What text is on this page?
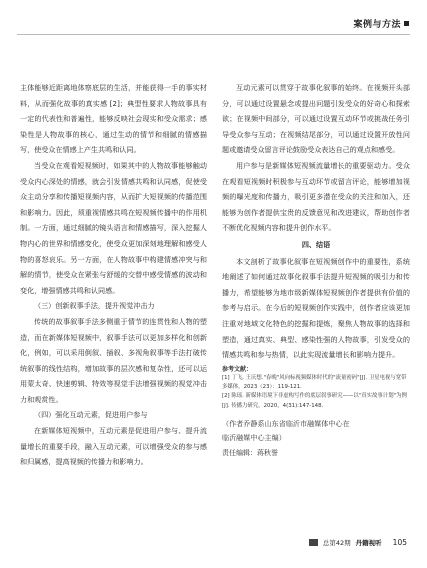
案例与方法

主体能够近距离地体察底层的生活，并能获得一手的事实材料，从而强化故事的真实感 [2]；典型性要求人物故事具有一定的代表性和普遍性，能够反映社会现实和受众需求；感染性是人物故事的核心，通过生动的情节和细腻的情感描写，使受众在情感上产生共鸣和认同。

当受众在观看短视频时，如果其中的人物故事能够触动受众内心深处的情感，就会引发情感共鸣和认同感，促使受众主动分享和传播短视频内容，从而扩大短视频的传播范围和影响力。因此，须重视情感共鸣在短视频传播中的作用机制。一方面，通过细腻的镜头语言和情感描写，深入挖掘人物内心的世界和情感变化，使受众更加深刻地理解和感受人物的喜怒哀乐。另一方面，在人物故事中构建情感冲突与和解的情节，使受众在紧张与舒缓的交替中感受情感的波动和变化，增强情感共鸣和认同感。

（三）创新叙事手法，提升视觉冲击力

传统的故事叙事手法多侧重于情节的连贯性和人物的塑造，而在新媒体短视频中，叙事手法可以更加多样化和创新化，例如，可以采用倒叙、插叙、多视角叙事等手法打破传统叙事的线性结构，增加故事的层次感和复杂性，还可以运用蒙太奇、快速剪辑、特效等视觉手法增强视频的视觉冲击力和观赏性。

（四）强化互动元素，促进用户参与

在新媒体短视频中，互动元素是促进用户参与、提升流量增长的重要手段，融入互动元素，可以增强受众的参与感和归属感，提高视频的传播力和影响力。

互动元素可以贯穿于故事化叙事的始终。在视频开头部分，可以通过设置悬念或提出问题引发受众的好奇心和探索欲；在视频中间部分，可以通过设置互动环节或挑战任务引导受众参与互动；在视频结尾部分，可以通过设置开放性问题或邀请受众留言评论鼓励受众表达自己的观点和感受。

用户参与是新媒体短视频流量增长的重要驱动力。受众在观看短视频时积极参与互动环节或留言评论，能够增加视频的曝光度和传播力，吸引更多潜在受众的关注和加入，还能够为创作者提供宝贵的反馈意见和改进建议，帮助创作者不断优化视频内容和提升创作水平。

四、结语

本文剖析了故事化叙事在短视频创作中的重要性，系统地阐述了如何通过故事化叙事手法提升短视频的吸引力和传播力，希望能够为地市级新媒体短视频创作者提供有价值的参考与启示。在今后的短视频创作实践中，创作者应该更加注重对地域文化特色的挖掘和提炼，聚焦人物故事的选择和塑造，通过真实、典型、感染性强的人物故事，引发受众的情感共鸣和参与热情，以此实现流量增长和影响力提升。

参考文献：
[1] 丁飞, 王庆想."春晚"风向标视频媒体时代的"流量密码"[J]. 卫星电视与宽带多媒体，2023（23）：119-121.
[2] 陈瑶. 新媒体语境下非虚构写作的底层叙事研究——以"真实故事计划"为例[J]. 传播力研究，2020，4(31):147-148.

（作者乔静系山东省临沂市融媒体中心在
临沂融媒中心主编）

责任编辑：蒋秋誉

总第42期 丹籍视听 105
